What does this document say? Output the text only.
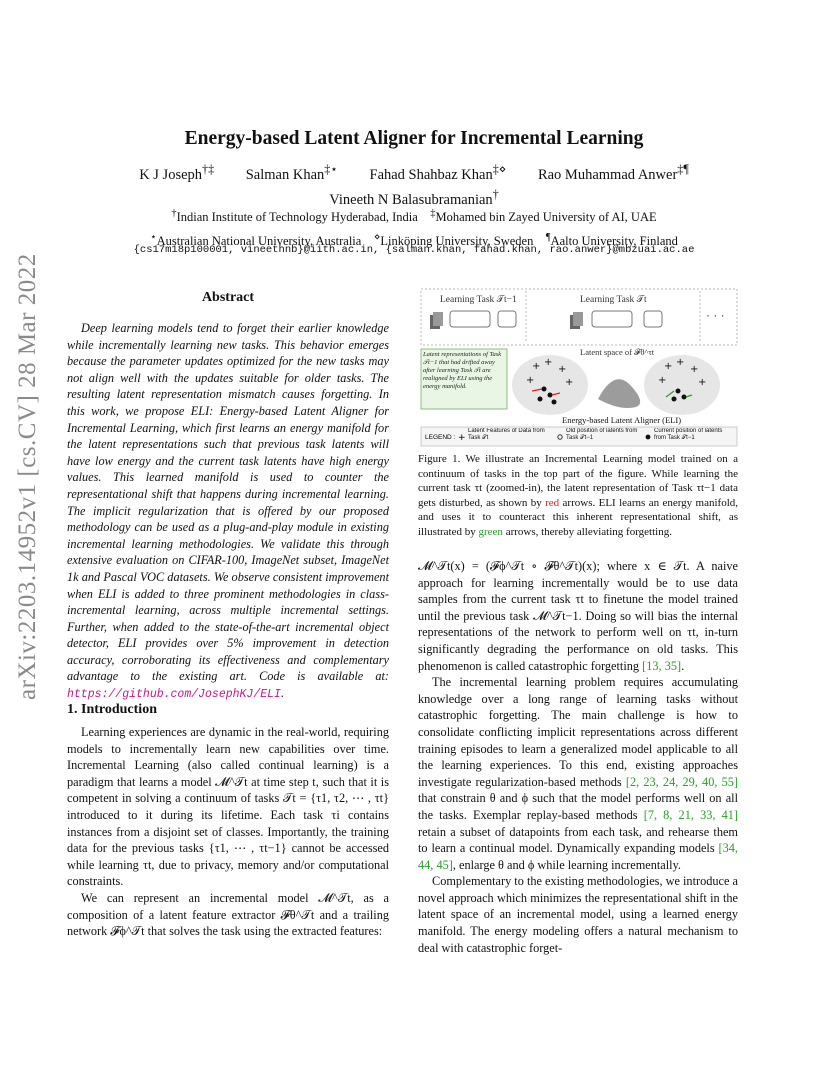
Energy-based Latent Aligner for Incremental Learning
K J Joseph†‡ Salman Khan‡⋆ Fahad Shahbaz Khan‡⋄ Rao Muhammad Anwer‡¶
Vineeth N Balasubramanian†
†Indian Institute of Technology Hyderabad, India ‡Mohamed bin Zayed University of AI, UAE
⋆Australian National University, Australia ⋄Linköping University, Sweden ¶Aalto University, Finland
{cs17m18p100001, vineethnb}@iith.ac.in, {salman.khan, fahad.khan, rao.anwer}@mbzuai.ac.ae
arXiv:2203.14952v1 [cs.CV] 28 Mar 2022	Abstract

Deep learning models tend to forget their earlier knowledge while incrementally learning new tasks. This behavior emerges because the parameter updates optimized for the new tasks may not align well with the updates suitable for older tasks. The resulting latent representation mismatch causes forgetting. In this work, we propose ELI: Energy-based Latent Aligner for Incremental Learning, which first learns an energy manifold for the latent representations such that previous task latents will have low energy and the current task latents have high energy values. This learned manifold is used to counter the representational shift that happens during incremental learning. The implicit regularization that is offered by our proposed methodology can be used as a plug-and-play module in existing incremental learning methodologies. We validate this through extensive evaluation on CIFAR-100, ImageNet subset, ImageNet 1k and Pascal VOC datasets. We observe consistent improvement when ELI is added to three prominent methodologies in class-incremental learning, across multiple incremental settings. Further, when added to the state-of-the-art incremental object detector, ELI provides over 5% improvement in detection accuracy, corroborating its effectiveness and complementary advantage to the existing art. Code is available at: https://github.com/JosephKJ/ELI.

1. Introduction

Learning experiences are dynamic in the real-world, requiring models to incrementally learn new capabilities over time. Incremental Learning (also called continual learning) is a paradigm that learns a model 𝓜^𝒯t at time step t, such that it is competent in solving a continuum of tasks 𝒯t = {τ1, τ2, ⋯ , τt} introduced to it during its lifetime. Each task τi contains instances from a disjoint set of classes. Importantly, the training data for the previous tasks {τ1, ⋯ , τt−1} cannot be accessed while learning τt, due to privacy, memory and/or computational constraints.

We can represent an incremental model 𝓜^𝒯t, as a composition of a latent feature extractor 𝓕θ^𝒯t and a trailing network 𝓕ϕ^𝒯t that solves the task using the extracted features:

Learning Task 𝒯t−1	Learning Task 𝒯t
· · ·
Latent space of 𝓕θ^τt
Latent representations of Task 𝒯t−1 that had drifted away after learning Task 𝒯t are realigned by ELI using the energy manifold.
+ +
+
+	+
+ +
+
+	+
Energy-based Latent Aligner (ELI)
LEGEND : +
Latent Features of Data from Task 𝒯t
Old position of latents from Task 𝒯t−1
Current position of latents from Task 𝒯t−1
Figure 1. We illustrate an Incremental Learning model trained on a continuum of tasks in the top part of the figure. While learning the current task τt (zoomed-in), the latent representation of Task τt−1 data gets disturbed, as shown by red arrows. ELI learns an energy manifold, and uses it to counteract this inherent representational shift, as illustrated by green arrows, thereby alleviating forgetting.

𝓜^𝒯t(x) = (𝓕ϕ^𝒯t ∘ 𝓕θ^𝒯t)(x); where x ∈ 𝒯t. A naive approach for learning incrementally would be to use data samples from the current task τt to finetune the model trained until the previous task 𝓜^𝒯t−1. Doing so will bias the internal representations of the network to perform well on τt, in-turn significantly degrading the performance on old tasks. This phenomenon is called catastrophic forgetting [13, 35].

The incremental learning problem requires accumulating knowledge over a long range of learning tasks without catastrophic forgetting. The main challenge is how to consolidate conflicting implicit representations across different training episodes to learn a generalized model applicable to all the learning experiences. To this end, existing approaches investigate regularization-based methods [2, 23, 24, 29, 40, 55] that constrain θ and ϕ such that the model performs well on all the tasks. Exemplar replay-based methods [7, 8, 21, 33, 41] retain a subset of datapoints from each task, and rehearse them to learn a continual model. Dynamically expanding models [34, 44, 45], enlarge θ and ϕ while learning incrementally.

Complementary to the existing methodologies, we introduce a novel approach which minimizes the representational shift in the latent space of an incremental model, using a learned energy manifold. The energy modeling offers a natural mechanism to deal with catastrophic forget-
